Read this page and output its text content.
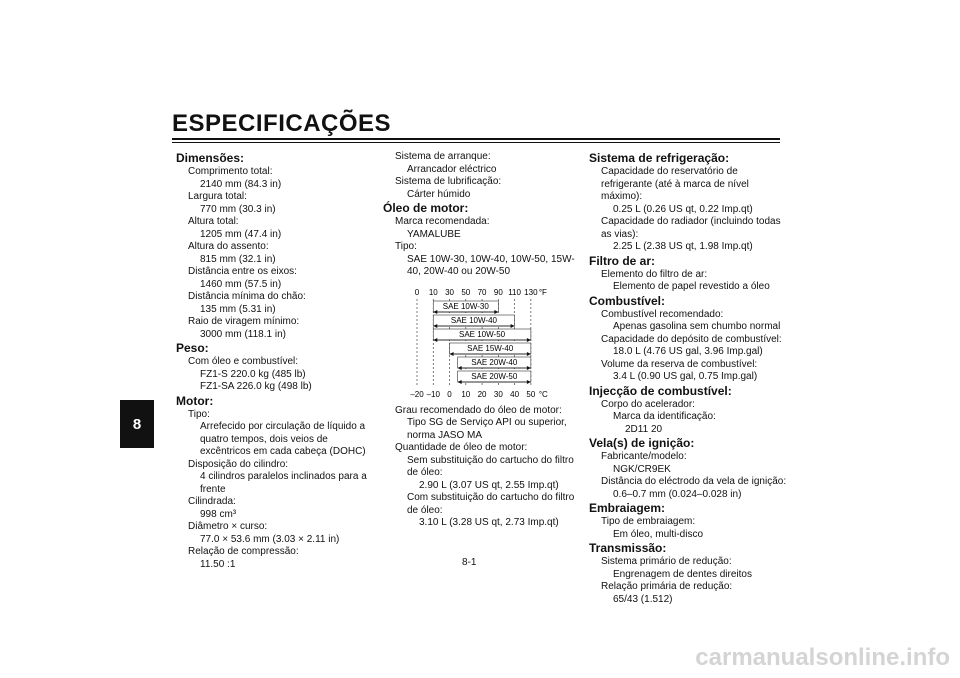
ESPECIFICAÇÕES
8
Dimensões:
Comprimento total:
2140 mm (84.3 in)
Largura total:
770 mm (30.3 in)
Altura total:
1205 mm (47.4 in)
Altura do assento:
815 mm (32.1 in)
Distância entre os eixos:
1460 mm (57.5 in)
Distância mínima do chão:
135 mm (5.31 in)
Raio de viragem mínimo:
3000 mm (118.1 in)
Peso:
Com óleo e combustível:
FZ1-S 220.0 kg (485 lb)
FZ1-SA 226.0 kg (498 lb)
Motor:
Tipo:
Arrefecido por circulação de líquido a quatro tempos, dois veios de excêntricos em cada cabeça (DOHC)
Disposição do cilindro:
4 cilindros paralelos inclinados para a frente
Cilindrada:
998 cm³
Diâmetro × curso:
77.0 × 53.6 mm (3.03 × 2.11 in)
Relação de compressão:
11.50 :1
Sistema de arranque:
Arrancador eléctrico
Sistema de lubrificação:
Cárter húmido
Óleo de motor:
Marca recomendada:
YAMALUBE
Tipo:
SAE 10W-30, 10W-40, 10W-50, 15W-40, 20W-40 ou 20W-50
0
–20
10
–10
30
0
50
10
70
20
90
30
110
40
130
50
°F
°C
SAE 10W-30
SAE 10W-40
SAE 10W-50
SAE 15W-40
SAE 20W-40
SAE 20W-50
Grau recomendado do óleo de motor:
Tipo SG de Serviço API ou superior, norma JASO MA
Quantidade de óleo de motor:
Sem substituição do cartucho do filtro de óleo:
2.90 L (3.07 US qt, 2.55 Imp.qt)
Com substituição do cartucho do filtro de óleo:
3.10 L (3.28 US qt, 2.73 Imp.qt)
Sistema de refrigeração:
Capacidade do reservatório de refrigerante (até à marca de nível máximo):
0.25 L (0.26 US qt, 0.22 Imp.qt)
Capacidade do radiador (incluindo todas as vias):
2.25 L (2.38 US qt, 1.98 Imp.qt)
Filtro de ar:
Elemento do filtro de ar:
Elemento de papel revestido a óleo
Combustível:
Combustível recomendado:
Apenas gasolina sem chumbo normal
Capacidade do depósito de combustível:
18.0 L (4.76 US gal, 3.96 Imp.gal)
Volume da reserva de combustível:
3.4 L (0.90 US gal, 0.75 Imp.gal)
Injecção de combustível:
Corpo do acelerador:
Marca da identificação:
2D11 20
Vela(s) de ignição:
Fabricante/modelo:
NGK/CR9EK
Distância do eléctrodo da vela de ignição:
0.6–0.7 mm (0.024–0.028 in)
Embraiagem:
Tipo de embraiagem:
Em óleo, multi-disco
Transmissão:
Sistema primário de redução:
Engrenagem de dentes direitos
Relação primária de redução:
65/43 (1.512)
8-1
carmanualsonline.info
